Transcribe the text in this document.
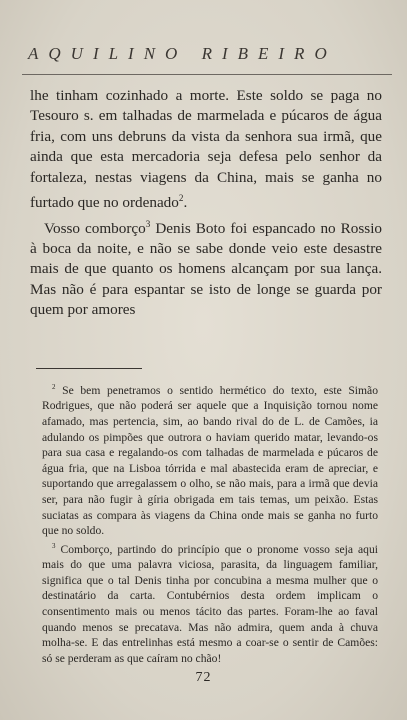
AQUILINO RIBEIRO

lhe tinham cozinhado a morte. Este soldo se paga no Tesouro s. em talhadas de marmelada e púcaros de água fria, com uns debruns da vista da senhora sua irmã, que ainda que esta mercadoria seja defesa pelo senhor da fortaleza, nestas viagens da China, mais se ganha no furtado que no ordenado$^2$.

Vosso comborço$^3$ Denis Boto foi espancado no Rossio à boca da noite, e não se sabe donde veio este desastre mais de que quanto os homens alcançam por sua lança. Mas não é para espantar se isto de longe se guarda por quem por amores

$^2$ Se bem penetramos o sentido hermético do texto, este Simão Rodrigues, que não poderá ser aquele que a Inquisição tornou nome afamado, mas pertencia, sim, ao bando rival do de L. de Camões, ia adulando os pimpões que outrora o haviam querido matar, levando-os para sua casa e regalando-os com talhadas de marmelada e púcaros de água fria, que na Lisboa tórrida e mal abastecida eram de apreciar, e suportando que arregalassem o olho, se não mais, para a irmã que devia ser, para não fugir à gíria obrigada em tais temas, um peixão. Estas suciatas as compara às viagens da China onde mais se ganha no furto que no soldo.

$^3$ Comborço, partindo do princípio que o pronome vosso seja aqui mais do que uma palavra viciosa, parasita, da linguagem familiar, significa que o tal Denis tinha por concubina a mesma mulher que o destinatário da carta. Contubérnios desta ordem implicam o consentimento mais ou menos tácito das partes. Foram-lhe ao faval quando menos se precatava. Mas não admira, quem anda à chuva molha-se. E das entrelinhas está mesmo a coar-se o sentir de Camões: só se perderam as que caíram no chão!

72
